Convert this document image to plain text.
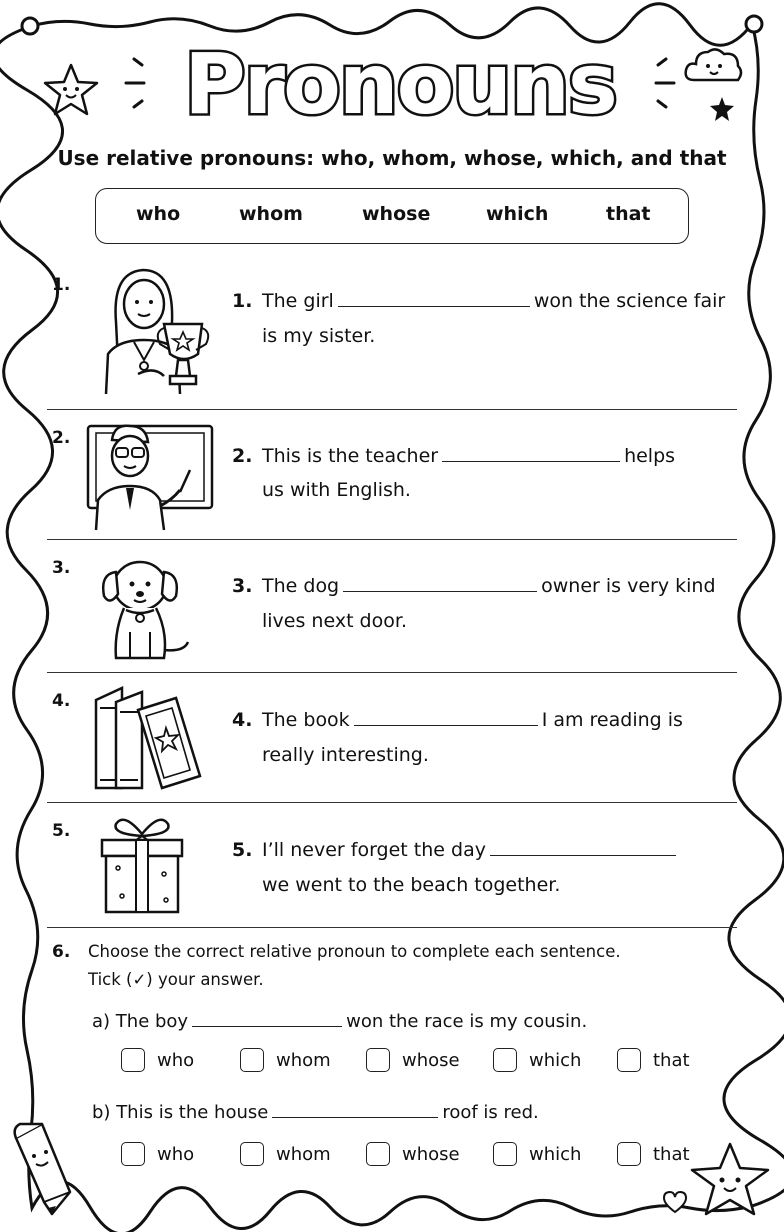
Pronouns
Use relative pronouns: who, whom, whose, which, and that
who	whom	whose	which	that
1.
1. The girl	won the science fair
is my sister.
2.
2. This is the teacher	helps
us with English.
3.
3. The dog	owner is very kind
lives next door.
4.
4. The book	I am reading is
really interesting.
5.
5. I’ll never forget the day
we went to the beach together.
6. Choose the correct relative pronoun to complete each sentence.
Tick (✓) your answer.
a) The boy	won the race is my cousin.
who	whom	whose	which	that
b) This is the house	roof is red.
who	whom	whose	which	that
